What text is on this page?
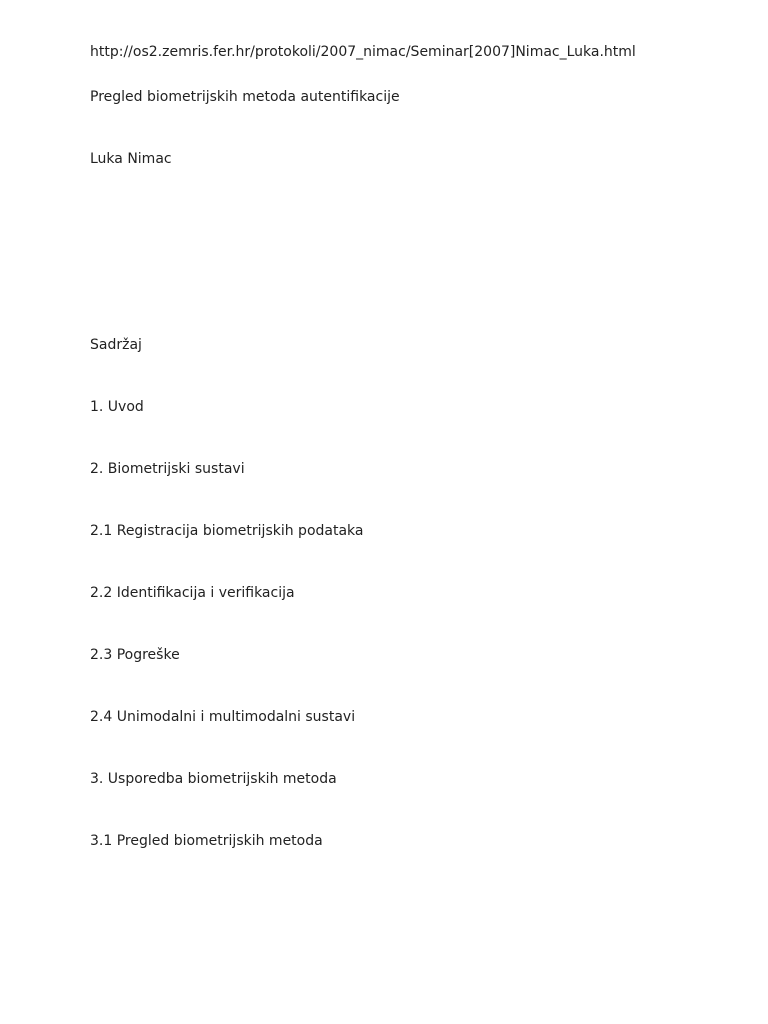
http://os2.zemris.fer.hr/protokoli/2007_nimac/Seminar[2007]Nimac_Luka.html
Pregled biometrijskih metoda autentifikacije
Luka Nimac
Sadržaj
1. Uvod
2. Biometrijski sustavi
2.1 Registracija biometrijskih podataka
2.2 Identifikacija i verifikacija
2.3 Pogreške
2.4 Unimodalni i multimodalni sustavi
3. Usporedba biometrijskih metoda
3.1 Pregled biometrijskih metoda
